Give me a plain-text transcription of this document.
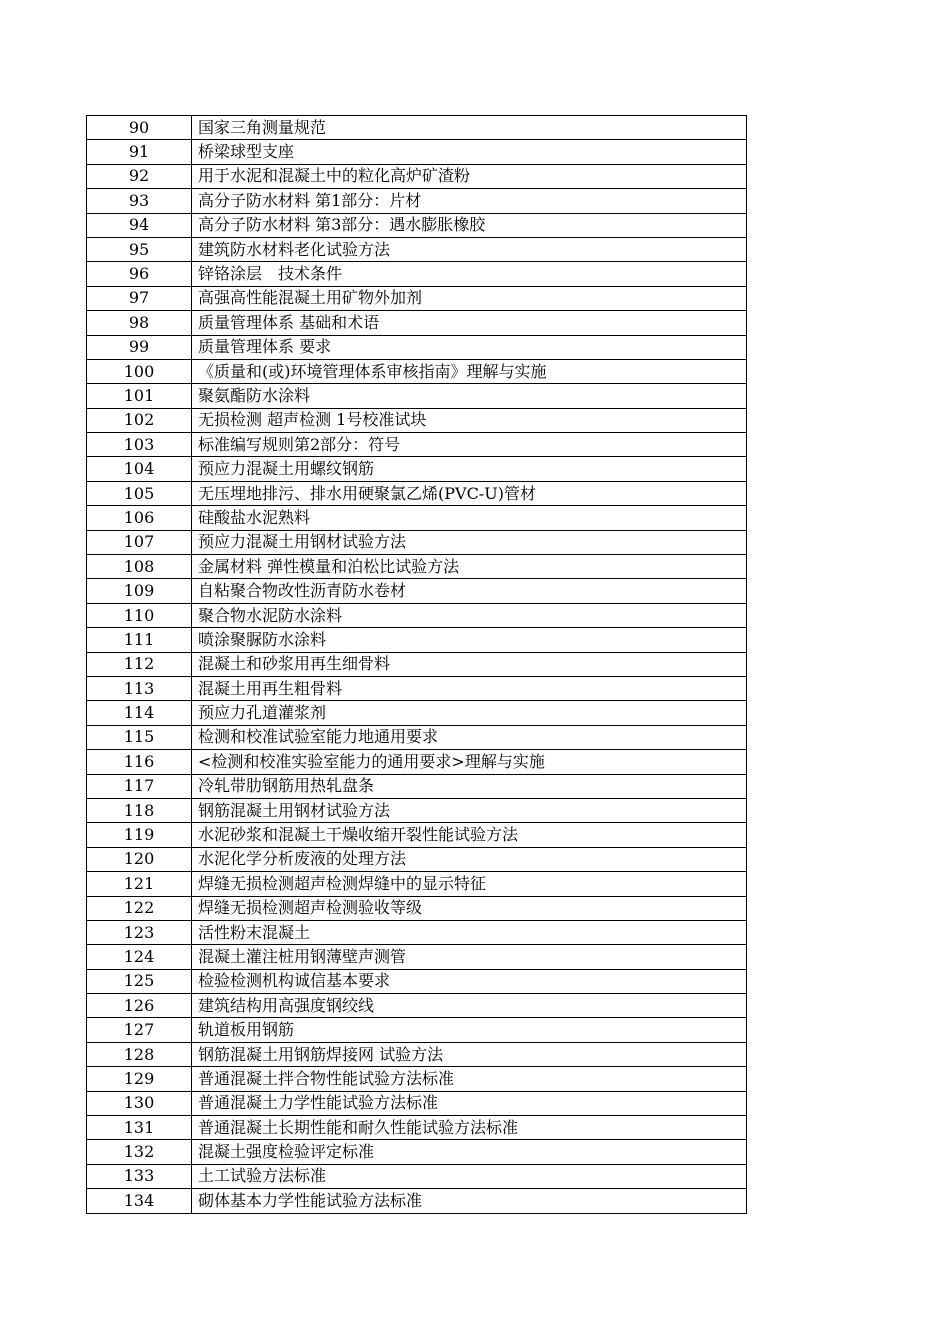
90	国家三角测量规范
91	桥梁球型支座
92	用于水泥和混凝土中的粒化高炉矿渣粉
93	高分子防水材料 第1部分：片材
94	高分子防水材料 第3部分：遇水膨胀橡胶
95	建筑防水材料老化试验方法
96	锌铬涂层　技术条件
97	高强高性能混凝土用矿物外加剂
98	质量管理体系 基础和术语
99	质量管理体系 要求
100	《质量和(或)环境管理体系审核指南》理解与实施
101	聚氨酯防水涂料
102	无损检测 超声检测 1号校准试块
103	标准编写规则第2部分：符号
104	预应力混凝土用螺纹钢筋
105	无压埋地排污、排水用硬聚氯乙烯(PVC-U)管材
106	硅酸盐水泥熟料
107	预应力混凝土用钢材试验方法
108	金属材料 弹性模量和泊松比试验方法
109	自粘聚合物改性沥青防水卷材
110	聚合物水泥防水涂料
111	喷涂聚脲防水涂料
112	混凝土和砂浆用再生细骨料
113	混凝土用再生粗骨料
114	预应力孔道灌浆剂
115	检测和校准试验室能力地通用要求
116	<检测和校准实验室能力的通用要求>理解与实施
117	冷轧带肋钢筋用热轧盘条
118	钢筋混凝土用钢材试验方法
119	水泥砂浆和混凝土干燥收缩开裂性能试验方法
120	水泥化学分析废液的处理方法
121	焊缝无损检测超声检测焊缝中的显示特征
122	焊缝无损检测超声检测验收等级
123	活性粉末混凝土
124	混凝土灌注桩用钢薄壁声测管
125	检验检测机构诚信基本要求
126	建筑结构用高强度钢绞线
127	轨道板用钢筋
128	钢筋混凝土用钢筋焊接网 试验方法
129	普通混凝土拌合物性能试验方法标准
130	普通混凝土力学性能试验方法标准
131	普通混凝土长期性能和耐久性能试验方法标准
132	混凝土强度检验评定标准
133	土工试验方法标准
134	砌体基本力学性能试验方法标准
